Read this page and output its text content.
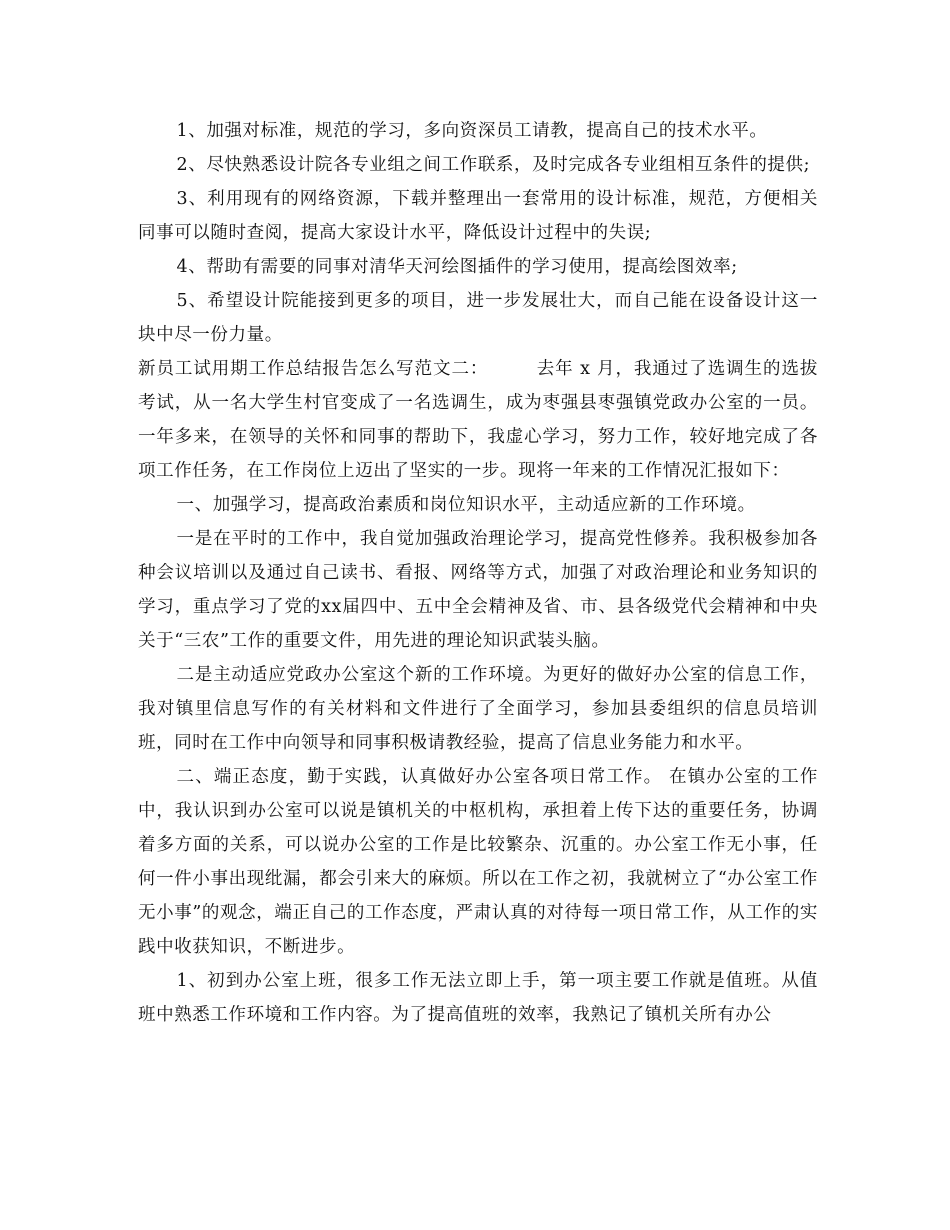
1、加强对标准，规范的学习，多向资深员工请教，提高自己的技术水平。

2、尽快熟悉设计院各专业组之间工作联系，及时完成各专业组相互条件的提供;

3、利用现有的网络资源，下载并整理出一套常用的设计标准，规范，方便相关同事可以随时查阅，提高大家设计水平，降低设计过程中的失误;

4、帮助有需要的同事对清华天河绘图插件的学习使用，提高绘图效率;

5、希望设计院能接到更多的项目，进一步发展壮大，而自己能在设备设计这一块中尽一份力量。

新员工试用期工作总结报告怎么写范文二：	去年 x 月，我通过了选调生的选拔考试，从一名大学生村官变成了一名选调生，成为枣强县枣强镇党政办公室的一员。一年多来，在领导的关怀和同事的帮助下，我虚心学习，努力工作，较好地完成了各项工作任务，在工作岗位上迈出了坚实的一步。现将一年来的工作情况汇报如下：

一、加强学习，提高政治素质和岗位知识水平，主动适应新的工作环境。

一是在平时的工作中，我自觉加强政治理论学习，提高党性修养。我积极参加各种会议培训以及通过自己读书、看报、网络等方式，加强了对政治理论和业务知识的学习，重点学习了党的xx届四中、五中全会精神及省、市、县各级党代会精神和中央关于“三农”工作的重要文件，用先进的理论知识武装头脑。

二是主动适应党政办公室这个新的工作环境。为更好的做好办公室的信息工作，我对镇里信息写作的有关材料和文件进行了全面学习，参加县委组织的信息员培训班，同时在工作中向领导和同事积极请教经验，提高了信息业务能力和水平。

二、端正态度，勤于实践，认真做好办公室各项日常工作。 在镇办公室的工作中，我认识到办公室可以说是镇机关的中枢机构，承担着上传下达的重要任务，协调着多方面的关系，可以说办公室的工作是比较繁杂、沉重的。办公室工作无小事，任何一件小事出现纰漏，都会引来大的麻烦。所以在工作之初，我就树立了“办公室工作无小事”的观念，端正自己的工作态度，严肃认真的对待每一项日常工作，从工作的实践中收获知识，不断进步。

1、初到办公室上班，很多工作无法立即上手，第一项主要工作就是值班。从值班中熟悉工作环境和工作内容。为了提高值班的效率，我熟记了镇机关所有办公
